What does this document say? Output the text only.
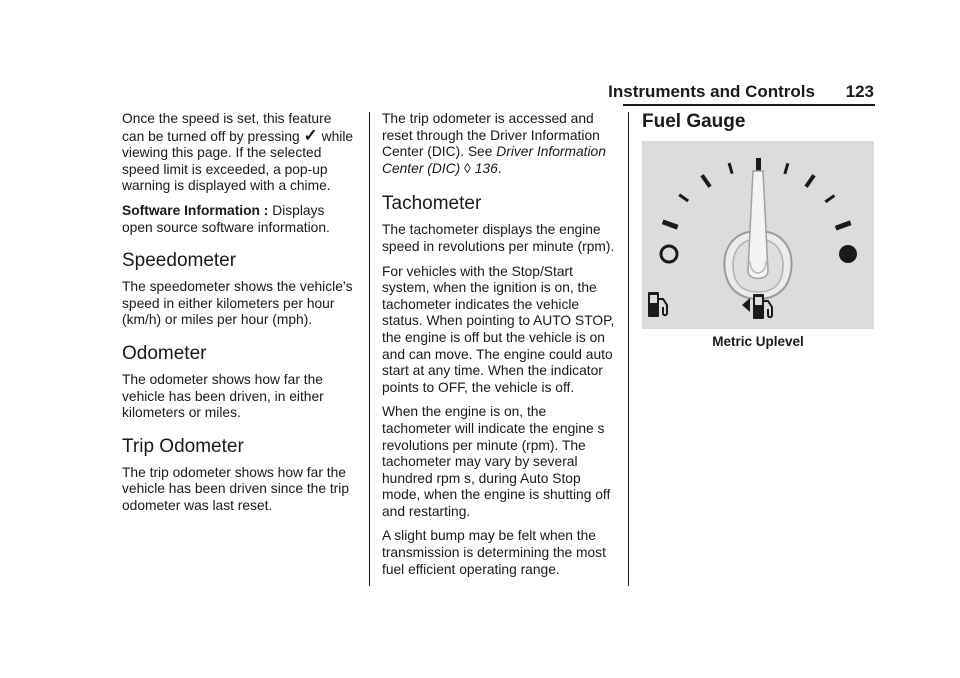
Instruments and Controls 123

Once the speed is set, this feature can be turned off by pressing ✓ while viewing this page. If the selected speed limit is exceeded, a pop-up warning is displayed with a chime.

Software Information : Displays open source software information.

Speedometer

The speedometer shows the vehicle’s speed in either kilometers per hour (km/h) or miles per hour (mph).

Odometer

The odometer shows how far the vehicle has been driven, in either kilometers or miles.

Trip Odometer

The trip odometer shows how far the vehicle has been driven since the trip odometer was last reset.

The trip odometer is accessed and reset through the Driver Information Center (DIC). See Driver Information Center (DIC) ◊ 136.

Tachometer

The tachometer displays the engine speed in revolutions per minute (rpm).

For vehicles with the Stop/Start system, when the ignition is on, the tachometer indicates the vehicle status. When pointing to AUTO STOP, the engine is off but the vehicle is on and can move. The engine could auto start at any time. When the indicator points to OFF, the vehicle is off.

When the engine is on, the tachometer will indicate the engine s revolutions per minute (rpm). The tachometer may vary by several hundred rpm s, during Auto Stop mode, when the engine is shutting off and restarting.

A slight bump may be felt when the transmission is determining the most fuel efficient operating range.

Fuel Gauge
Metric Uplevel
